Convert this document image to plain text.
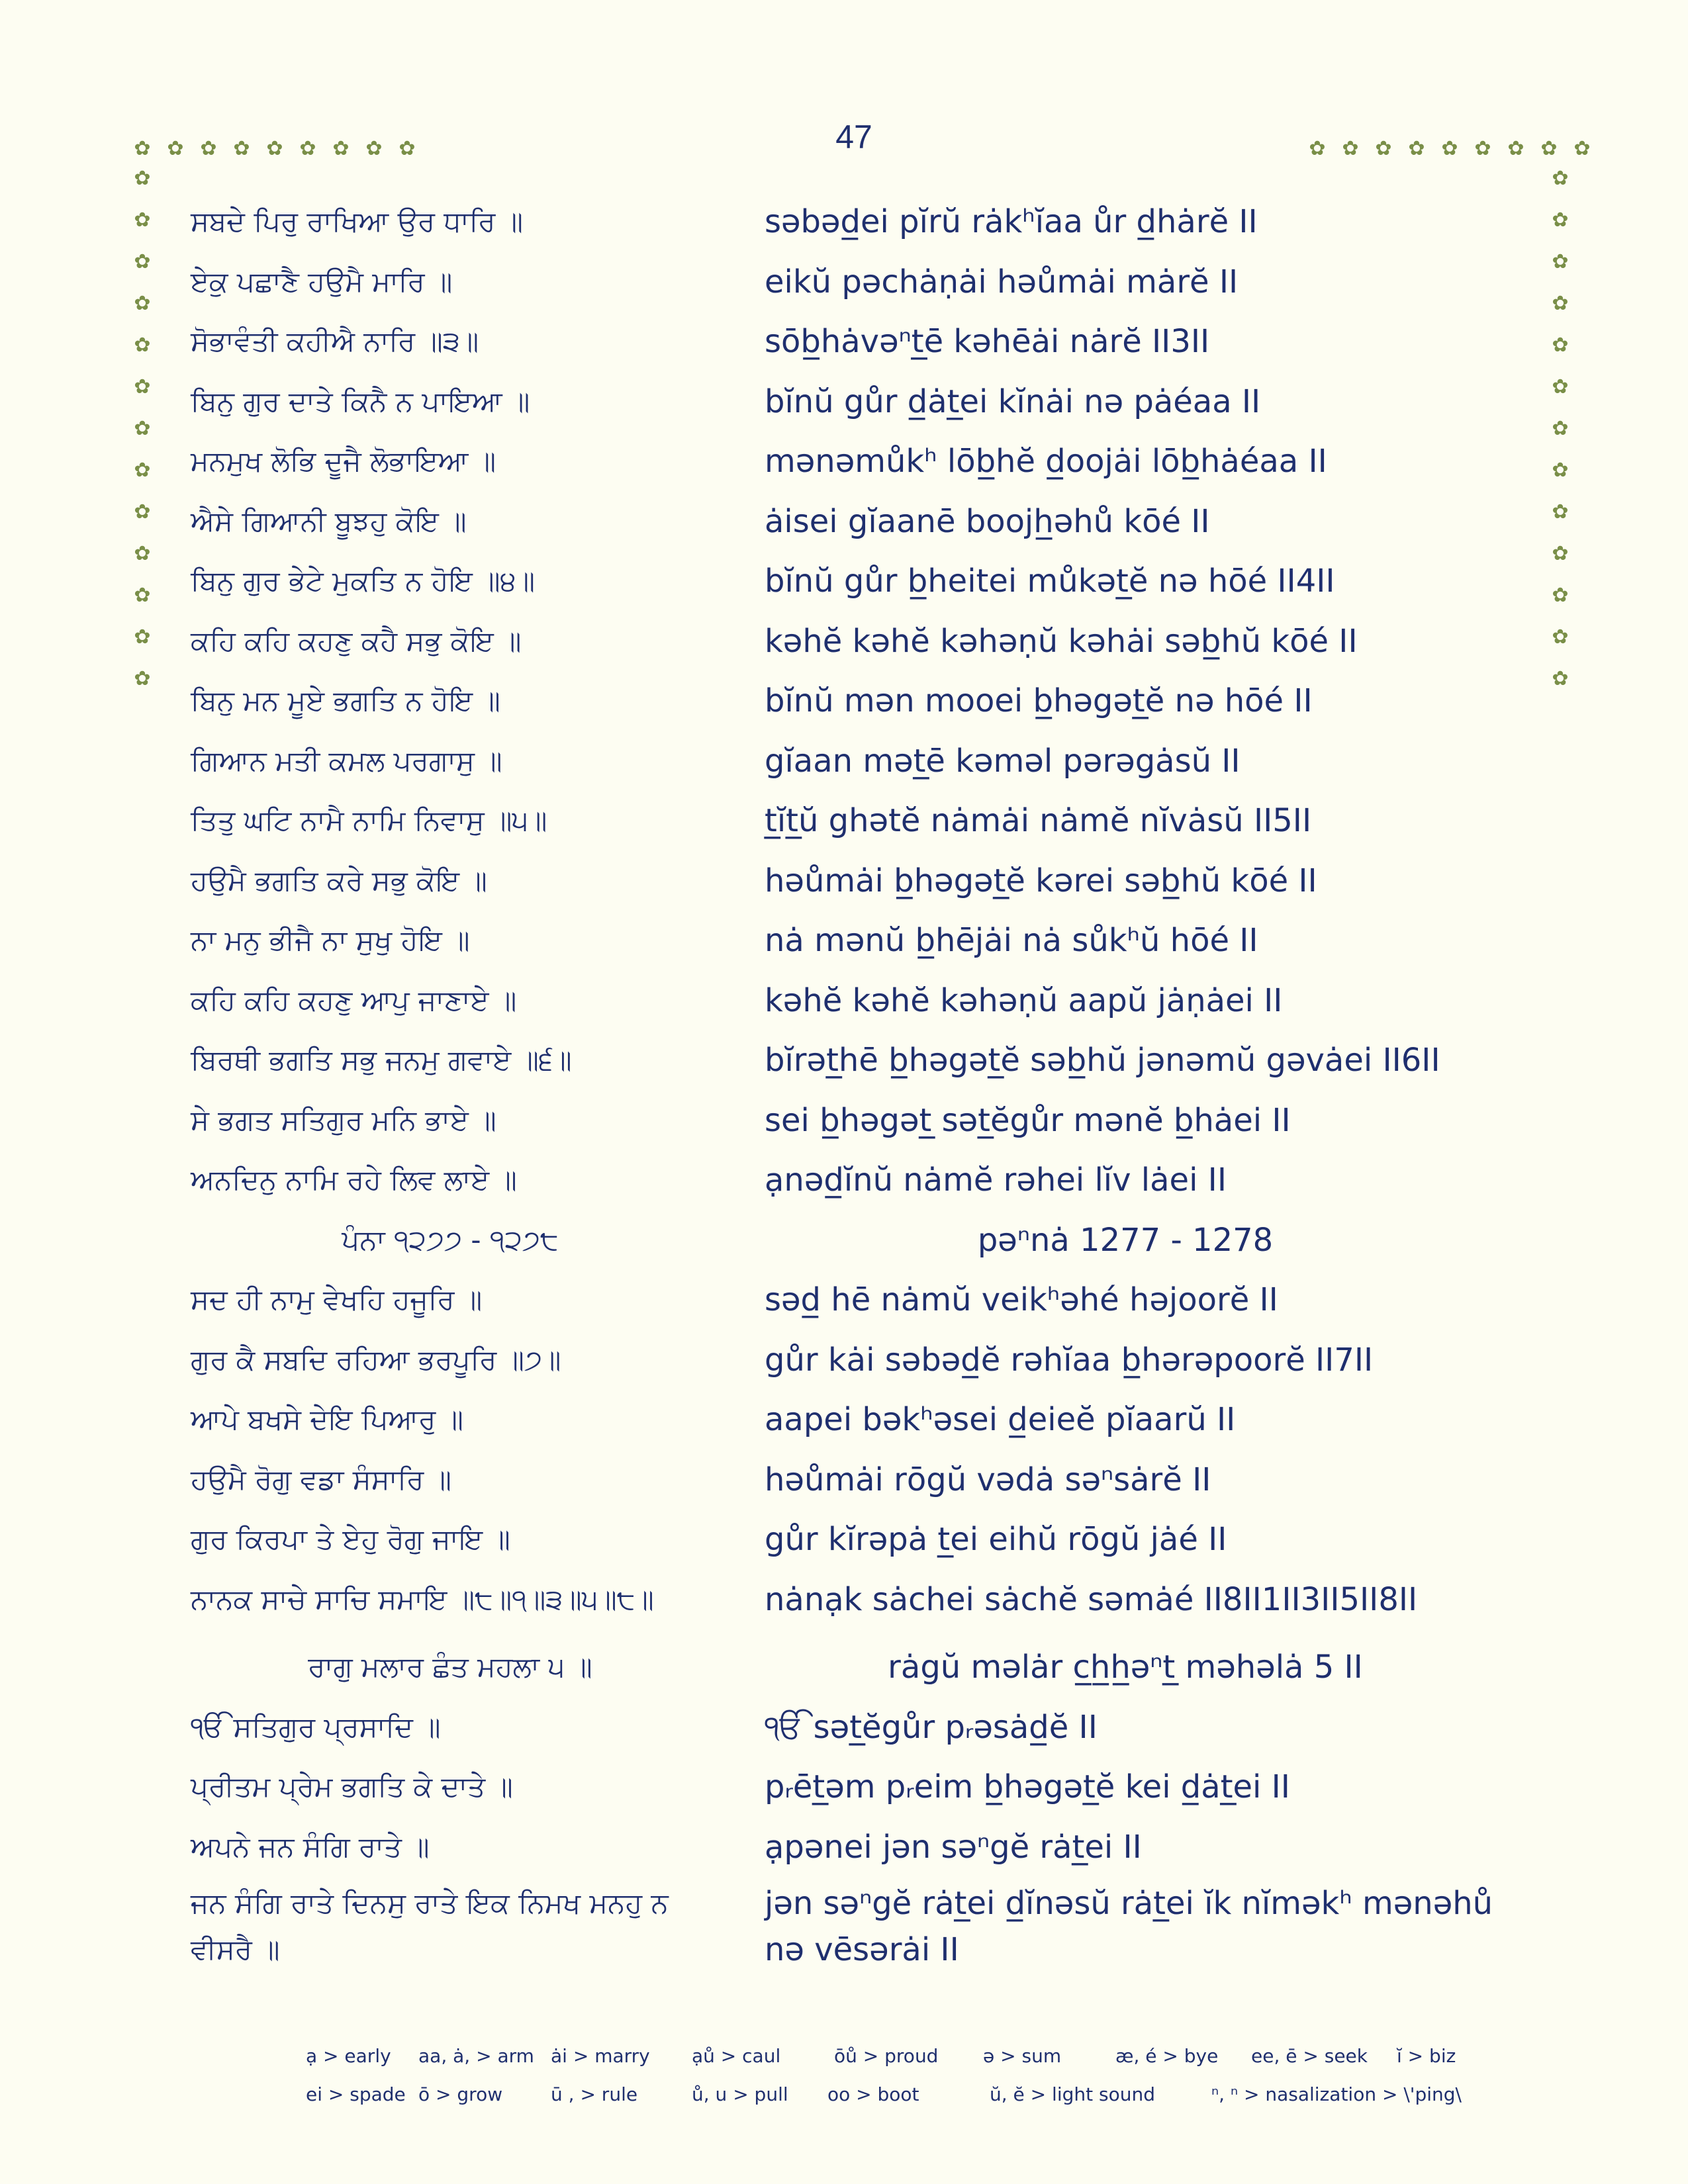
47
✿ ✿ ✿ ✿ ✿ ✿ ✿ ✿ ✿	✿ ✿ ✿ ✿ ✿ ✿ ✿ ✿ ✿
✿
✿
✿
✿
✿
✿
✿
✿
✿
✿
✿
✿
✿
✿
✿
✿
✿
✿
✿
✿
✿
✿
✿
✿
✿
✿
ਸਬਦੇ ਪਿਰੁ ਰਾਖਿਆ ਉਰ ਧਾਰਿ ॥	səbəd̲ei pĭrŭ rȧkʰĭaa ůr d̲hȧrĕ II
ਏਕੁ ਪਛਾਣੈ ਹਉਮੈ ਮਾਰਿ ॥	eikŭ pəchȧṇȧi həůmȧi mȧrĕ II
ਸੋਭਾਵੰਤੀ ਕਹੀਐ ਨਾਰਿ ॥੩॥	sōb̲hȧvəⁿt̲ē kəhēȧi nȧrĕ II3II
ਬਿਨੁ ਗੁਰ ਦਾਤੇ ਕਿਨੈ ਨ ਪਾਇਆ ॥	bĭnŭ gůr d̲ȧt̲ei kĭnȧi nə pȧéaa II
ਮਨਮੁਖ ਲੋਭਿ ਦੂਜੈ ਲੋਭਾਇਆ ॥	mənəmůkʰ lōb̲hĕ d̲oojȧi lōb̲hȧéaa II
ਐਸੇ ਗਿਆਨੀ ਬੂਝਹੁ ਕੋਇ ॥	ȧisei gĭaanē boojh̲əhů kōé II
ਬਿਨੁ ਗੁਰ ਭੇਟੇ ਮੁਕਤਿ ਨ ਹੋਇ ॥੪॥	bĭnŭ gůr b̲heitei můkət̲ĕ nə hōé II4II
ਕਹਿ ਕਹਿ ਕਹਣੁ ਕਹੈ ਸਭੁ ਕੋਇ ॥	kəhĕ kəhĕ kəhəṇŭ kəhȧi səb̲hŭ kōé II
ਬਿਨੁ ਮਨ ਮੂਏ ਭਗਤਿ ਨ ਹੋਇ ॥	bĭnŭ mən mooei b̲həgət̲ĕ nə hōé II
ਗਿਆਨ ਮਤੀ ਕਮਲ ਪਰਗਾਸੁ ॥	gĭaan mət̲ē kəməl pərəgȧsŭ II
ਤਿਤੁ ਘਟਿ ਨਾਮੈ ਨਾਮਿ ਨਿਵਾਸੁ ॥੫॥	t̲ĭt̲ŭ ghətĕ nȧmȧi nȧmĕ nĭvȧsŭ II5II
ਹਉਮੈ ਭਗਤਿ ਕਰੇ ਸਭੁ ਕੋਇ ॥	həůmȧi b̲həgət̲ĕ kərei səb̲hŭ kōé II
ਨਾ ਮਨੁ ਭੀਜੈ ਨਾ ਸੁਖੁ ਹੋਇ ॥	nȧ mənŭ b̲hējȧi nȧ sůkʰŭ hōé II
ਕਹਿ ਕਹਿ ਕਹਣੁ ਆਪੁ ਜਾਣਾਏ ॥	kəhĕ kəhĕ kəhəṇŭ aapŭ jȧṇȧei II
ਬਿਰਥੀ ਭਗਤਿ ਸਭੁ ਜਨਮੁ ਗਵਾਏ ॥੬॥	bĭrət̲hē b̲həgət̲ĕ səb̲hŭ jənəmŭ gəvȧei II6II
ਸੇ ਭਗਤ ਸਤਿਗੁਰ ਮਨਿ ਭਾਏ ॥	sei b̲həgət̲ sət̲ĕgůr mənĕ b̲hȧei II
ਅਨਦਿਨੁ ਨਾਮਿ ਰਹੇ ਲਿਵ ਲਾਏ ॥	ạnəd̲ĭnŭ nȧmĕ rəhei lĭv lȧei II
ਪੰਨਾ ੧੨੭੭ - ੧੨੭੮	pəⁿnȧ 1277 - 1278
ਸਦ ਹੀ ਨਾਮੁ ਵੇਖਹਿ ਹਜੂਰਿ ॥	səd̲ hē nȧmŭ veikʰəhé həjoorĕ II
ਗੁਰ ਕੈ ਸਬਦਿ ਰਹਿਆ ਭਰਪੂਰਿ ॥੭॥	gůr kȧi səbəd̲ĕ rəhĭaa b̲hərəpoorĕ II7II
ਆਪੇ ਬਖਸੇ ਦੇਇ ਪਿਆਰੁ ॥	aapei bəkʰəsei d̲eieĕ pĭaarŭ II
ਹਉਮੈ ਰੋਗੁ ਵਡਾ ਸੰਸਾਰਿ ॥	həůmȧi rōgŭ vədȧ səⁿsȧrĕ II
ਗੁਰ ਕਿਰਪਾ ਤੇ ਏਹੁ ਰੋਗੁ ਜਾਇ ॥	gůr kĭrəpȧ t̲ei eihŭ rōgŭ jȧé II
ਨਾਨਕ ਸਾਚੇ ਸਾਚਿ ਸਮਾਇ ॥੮॥੧॥੩॥੫॥੮॥	nȧnạk sȧchei sȧchĕ səmȧé II8II1II3II5II8II
ਰਾਗੁ ਮਲਾਰ ਛੰਤ ਮਹਲਾ ੫ ॥	rȧgŭ məlȧr c̲h̲h̲əⁿt̲ məhəlȧ 5 II
ੴ ਸਤਿਗੁਰ ਪ੍ਰਸਾਦਿ ॥	ੴ sət̲ĕgůr pᵣəsȧd̲ĕ II
ਪ੍ਰੀਤਮ ਪ੍ਰੇਮ ਭਗਤਿ ਕੇ ਦਾਤੇ ॥	pᵣēt̲əm pᵣeim b̲həgət̲ĕ kei d̲ȧt̲ei II
ਅਪਨੇ ਜਨ ਸੰਗਿ ਰਾਤੇ ॥	ạpənei jən səⁿgĕ rȧt̲ei II
ਜਨ ਸੰਗਿ ਰਾਤੇ ਦਿਨਸੁ ਰਾਤੇ ਇਕ ਨਿਮਖ ਮਨਹੁ ਨ ਵੀਸਰੈ ॥
jən səⁿgĕ rȧt̲ei d̲ĭnəsŭ rȧt̲ei ĭk nĭməkʰ mənəhů nə vēsərȧi II
ạ > early aa, ȧ, > arm ȧi > marry ạů > caul	ōů > proud ə > sum	æ, é > bye ee, ē > seek ĭ > biz
ei > spade ō > grow	ū , > rule	ů, u > pull oo > boot	ŭ, ĕ > light sound	ⁿ, ⁿ > nasalization > \'ping\
